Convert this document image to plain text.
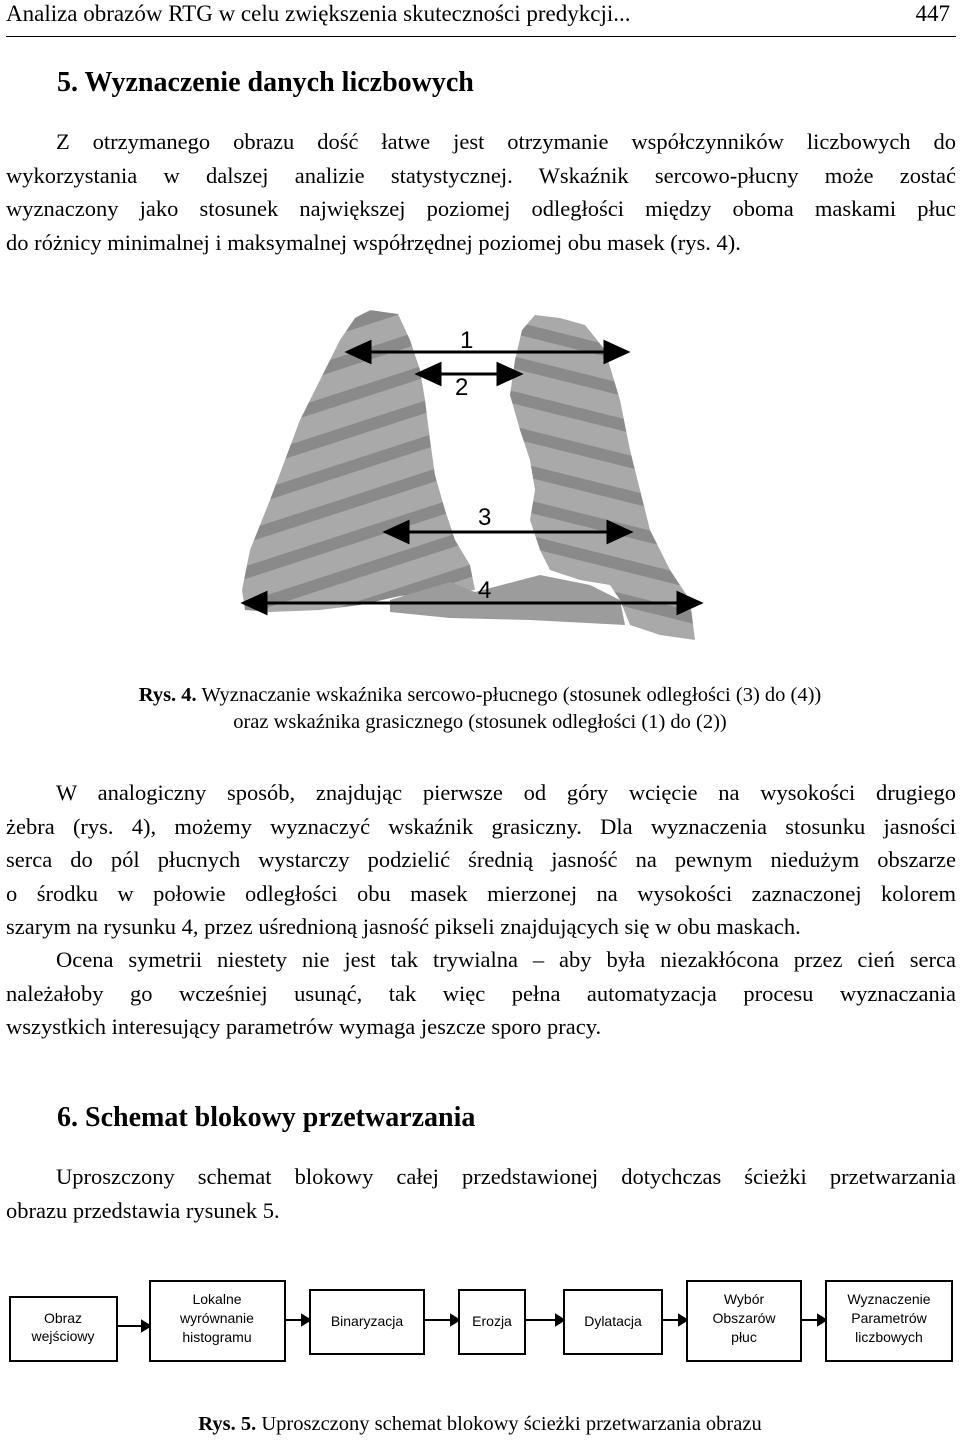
Analiza obrazów RTG w celu zwiększenia skuteczności predykcji...	447
5. Wyznaczenie danych liczbowych
Z otrzymanego obrazu dość łatwe jest otrzymanie współczynników liczbowych do
wykorzystania w dalszej analizie statystycznej. Wskaźnik sercowo-płucny może zostać
wyznaczony jako stosunek największej poziomej odległości między oboma maskami płuc
do różnicy minimalnej i maksymalnej współrzędnej poziomej obu masek (rys. 4).
1
2
3
4
Rys. 4. Wyznaczanie wskaźnika sercowo-płucnego (stosunek odległości (3) do (4))
oraz wskaźnika grasicznego (stosunek odległości (1) do (2))
W analogiczny sposób, znajdując pierwsze od góry wcięcie na wysokości drugiego
żebra (rys. 4), możemy wyznaczyć wskaźnik grasiczny. Dla wyznaczenia stosunku jasności
serca do pól płucnych wystarczy podzielić średnią jasność na pewnym niedużym obszarze
o środku w połowie odległości obu masek mierzonej na wysokości zaznaczonej kolorem
szarym na rysunku 4, przez uśrednioną jasność pikseli znajdujących się w obu maskach.
Ocena symetrii niestety nie jest tak trywialna – aby była niezakłócona przez cień serca
należałoby go wcześniej usunąć, tak więc pełna automatyzacja procesu wyznaczania
wszystkich interesujący parametrów wymaga jeszcze sporo pracy.
6. Schemat blokowy przetwarzania
Uproszczony schemat blokowy całej przedstawionej dotychczas ścieżki przetwarzania
obrazu przedstawia rysunek 5.
Obraz
wejściowy
Lokalne
wyrównanie
histogramu
Binaryzacja	Erozja	Dylatacja
Wybór
Obszarów
płuc
Wyznaczenie
Parametrów
liczbowych
Rys. 5. Uproszczony schemat blokowy ścieżki przetwarzania obrazu
